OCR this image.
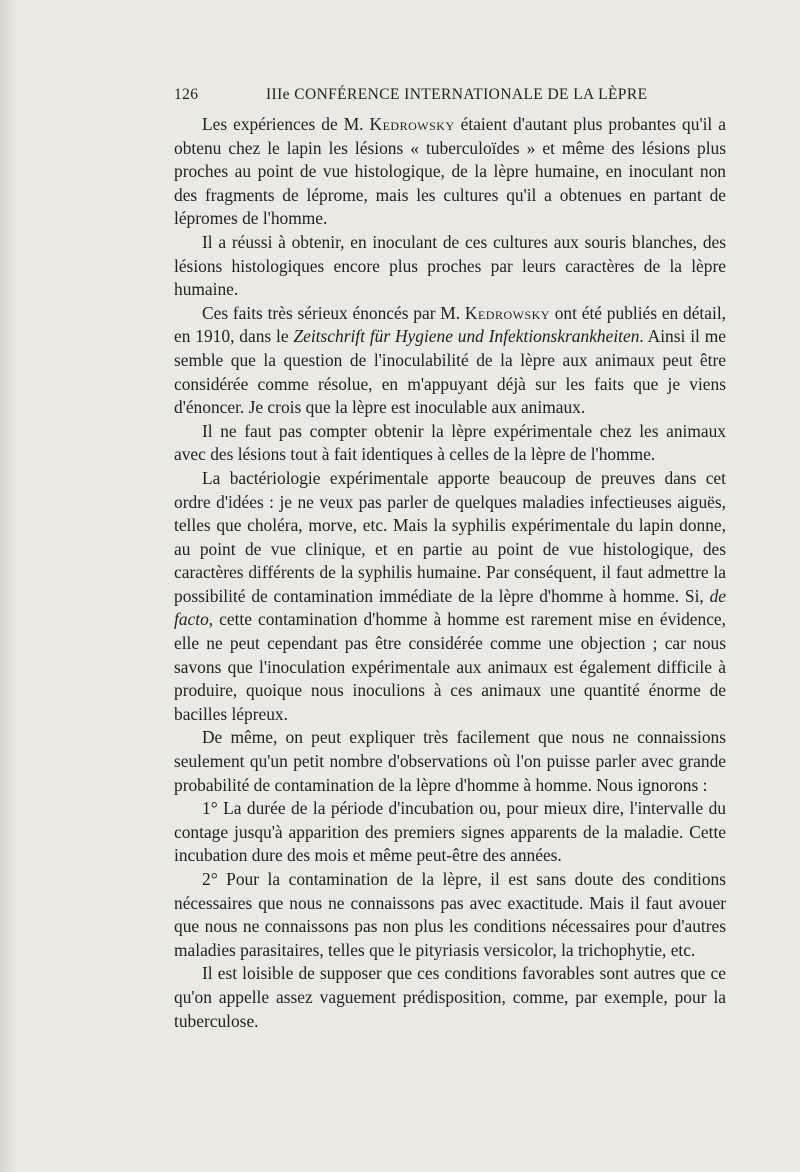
126	IIIe CONFÉRENCE INTERNATIONALE DE LA LÈPRE

Les expériences de M. Kedrowsky étaient d'autant plus probantes qu'il a obtenu chez le lapin les lésions « tuberculoïdes » et même des lésions plus proches au point de vue histologique, de la lèpre humaine, en inoculant non des fragments de léprome, mais les cultures qu'il a obtenues en partant de lépromes de l'homme.

Il a réussi à obtenir, en inoculant de ces cultures aux souris blanches, des lésions histologiques encore plus proches par leurs caractères de la lèpre humaine.

Ces faits très sérieux énoncés par M. Kedrowsky ont été publiés en détail, en 1910, dans le Zeitschrift für Hygiene und Infektionskrankheiten. Ainsi il me semble que la question de l'inoculabilité de la lèpre aux animaux peut être considérée comme résolue, en m'appuyant déjà sur les faits que je viens d'énoncer. Je crois que la lèpre est inoculable aux animaux.

Il ne faut pas compter obtenir la lèpre expérimentale chez les animaux avec des lésions tout à fait identiques à celles de la lèpre de l'homme.

La bactériologie expérimentale apporte beaucoup de preuves dans cet ordre d'idées : je ne veux pas parler de quelques maladies infectieuses aiguës, telles que choléra, morve, etc. Mais la syphilis expérimentale du lapin donne, au point de vue clinique, et en partie au point de vue histologique, des caractères différents de la syphilis humaine. Par conséquent, il faut admettre la possibilité de contamination immédiate de la lèpre d'homme à homme. Si, de facto, cette contamination d'homme à homme est rarement mise en évidence, elle ne peut cependant pas être considérée comme une objection ; car nous savons que l'inoculation expérimentale aux animaux est également difficile à produire, quoique nous inoculions à ces animaux une quantité énorme de bacilles lépreux.

De même, on peut expliquer très facilement que nous ne connaissions seulement qu'un petit nombre d'observations où l'on puisse parler avec grande probabilité de contamination de la lèpre d'homme à homme. Nous ignorons :

1° La durée de la période d'incubation ou, pour mieux dire, l'intervalle du contage jusqu'à apparition des premiers signes apparents de la maladie. Cette incubation dure des mois et même peut-être des années.

2° Pour la contamination de la lèpre, il est sans doute des conditions nécessaires que nous ne connaissons pas avec exactitude. Mais il faut avouer que nous ne connaissons pas non plus les conditions nécessaires pour d'autres maladies parasitaires, telles que le pityriasis versicolor, la trichophytie, etc.

Il est loisible de supposer que ces conditions favorables sont autres que ce qu'on appelle assez vaguement prédisposition, comme, par exemple, pour la tuberculose.
